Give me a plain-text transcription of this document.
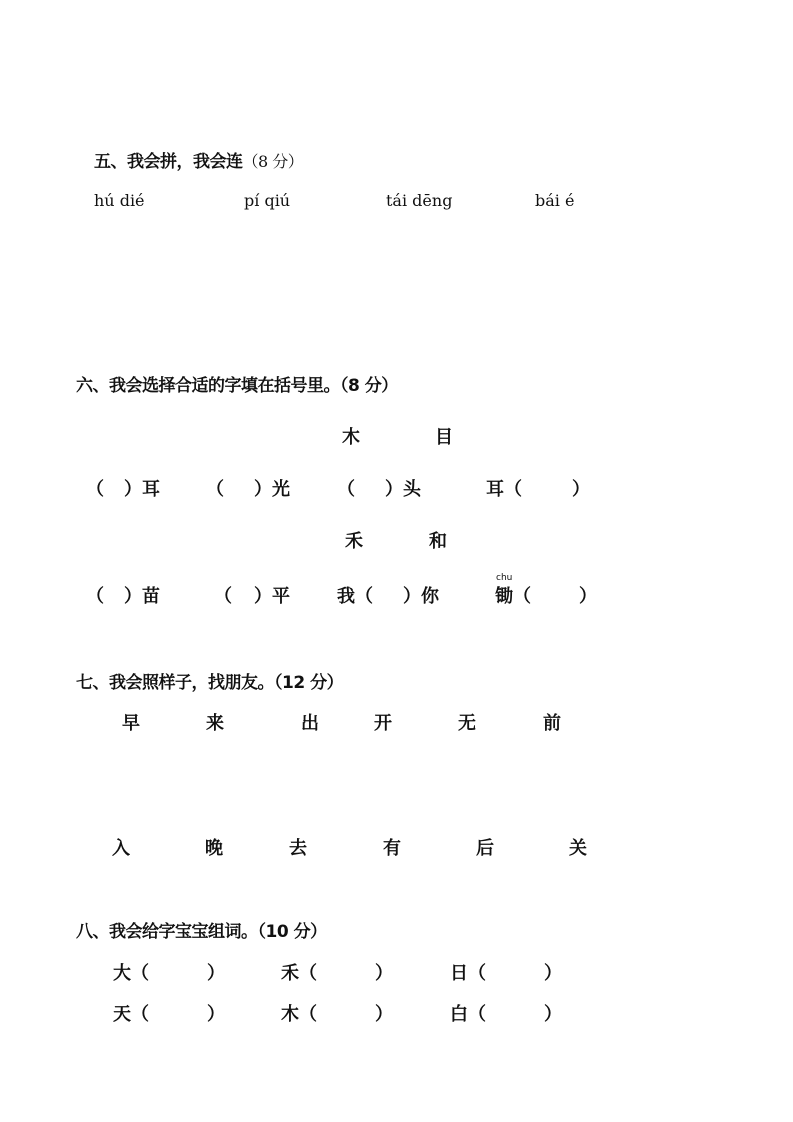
五、我会拼，我会连（8 分）
hú dié	pí qiú	tái dēng	bái é
六、我会选择合适的字填在括号里。（8 分）
木	目
（ ）耳	（ ）光	（ ）头	耳（	）
禾	和
（ ）苗	（ ）平	我（ ）你
chu
锄（	）
七、我会照样子，找朋友。（12 分）
早	来	出	开	无	前
入	晚	去	有	后	关
八、我会给字宝宝组词。（10 分）
大（	）	禾（	）	日（	）
天（	）	木（	）	白（	）
